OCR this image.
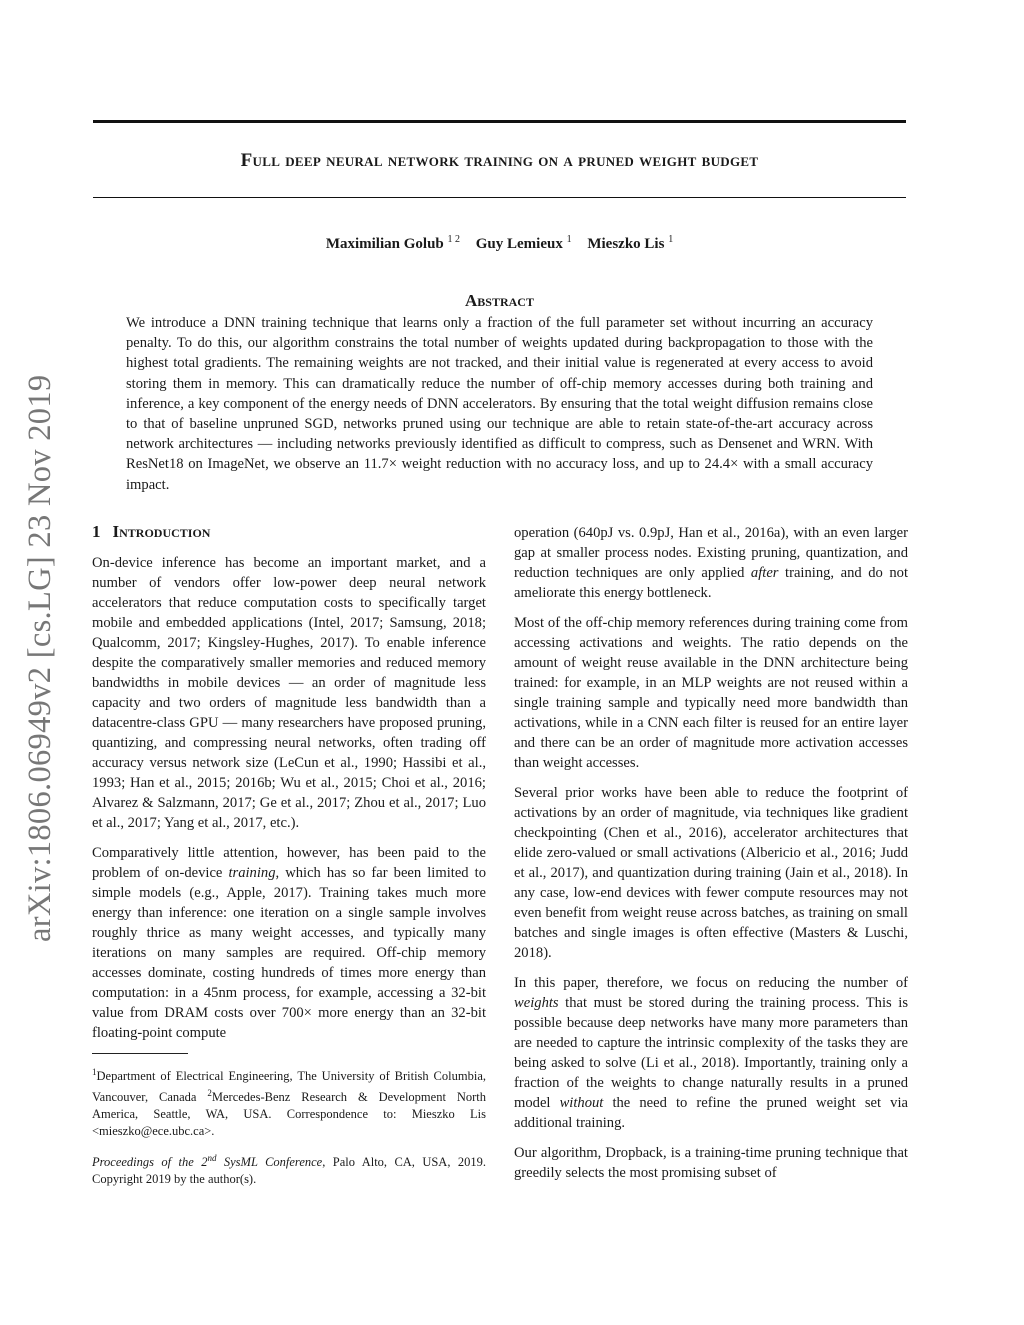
arXiv:1806.06949v2 [cs.LG] 23 Nov 2019
Full deep neural network training on a pruned weight budget
Maximilian Golub $^{1 2}$ Guy Lemieux $^1$ Mieszko Lis $^1$
Abstract
We introduce a DNN training technique that learns only a fraction of the full parameter set without incurring an accuracy penalty. To do this, our algorithm constrains the total number of weights updated during backpropagation to those with the highest total gradients. The remaining weights are not tracked, and their initial value is regenerated at every access to avoid storing them in memory. This can dramatically reduce the number of off-chip memory accesses during both training and inference, a key component of the energy needs of DNN accelerators. By ensuring that the total weight diffusion remains close to that of baseline unpruned SGD, networks pruned using our technique are able to retain state-of-the-art accuracy across network architectures — including networks previously identified as difficult to compress, such as Densenet and WRN. With ResNet18 on ImageNet, we observe an 11.7× weight reduction with no accuracy loss, and up to 24.4× with a small accuracy impact.
1 Introduction

On-device inference has become an important market, and a number of vendors offer low-power deep neural network accelerators that reduce computation costs to specifically target mobile and embedded applications (Intel, 2017; Samsung, 2018; Qualcomm, 2017; Kingsley-Hughes, 2017). To enable inference despite the comparatively smaller memories and reduced memory bandwidths in mobile devices — an order of magnitude less capacity and two orders of magnitude less bandwidth than a datacentre-class GPU — many researchers have proposed pruning, quantizing, and compressing neural networks, often trading off accuracy versus network size (LeCun et al., 1990; Hassibi et al., 1993; Han et al., 2015; 2016b; Wu et al., 2015; Choi et al., 2016; Alvarez & Salzmann, 2017; Ge et al., 2017; Zhou et al., 2017; Luo et al., 2017; Yang et al., 2017, etc.).

Comparatively little attention, however, has been paid to the problem of on-device training, which has so far been limited to simple models (e.g., Apple, 2017). Training takes much more energy than inference: one iteration on a single sample involves roughly thrice as many weight accesses, and typically many iterations on many samples are required. Off-chip memory accesses dominate, costing hundreds of times more energy than computation: in a 45nm process, for example, accessing a 32-bit value from DRAM costs over 700× more energy than an 32-bit floating-point compute

$^1$Department of Electrical Engineering, The University of British Columbia, Vancouver, Canada $^2$Mercedes-Benz Research & Development North America, Seattle, WA, USA. Correspondence to: Mieszko Lis <mieszko@ece.ubc.ca>.

Proceedings of the 2nd SysML Conference, Palo Alto, CA, USA, 2019. Copyright 2019 by the author(s).

operation (640pJ vs. 0.9pJ, Han et al., 2016a), with an even larger gap at smaller process nodes. Existing pruning, quantization, and reduction techniques are only applied after training, and do not ameliorate this energy bottleneck.

Most of the off-chip memory references during training come from accessing activations and weights. The ratio depends on the amount of weight reuse available in the DNN architecture being trained: for example, in an MLP weights are not reused within a single training sample and typically need more bandwidth than activations, while in a CNN each filter is reused for an entire layer and there can be an order of magnitude more activation accesses than weight accesses.

Several prior works have been able to reduce the footprint of activations by an order of magnitude, via techniques like gradient checkpointing (Chen et al., 2016), accelerator architectures that elide zero-valued or small activations (Albericio et al., 2016; Judd et al., 2017), and quantization during training (Jain et al., 2018). In any case, low-end devices with fewer compute resources may not even benefit from weight reuse across batches, as training on small batches and single images is often effective (Masters & Luschi, 2018).

In this paper, therefore, we focus on reducing the number of weights that must be stored during the training process. This is possible because deep networks have many more parameters than are needed to capture the intrinsic complexity of the tasks they are being asked to solve (Li et al., 2018). Importantly, training only a fraction of the weights to change naturally results in a pruned model without the need to refine the pruned weight set via additional training.

Our algorithm, Dropback, is a training-time pruning technique that greedily selects the most promising subset of
